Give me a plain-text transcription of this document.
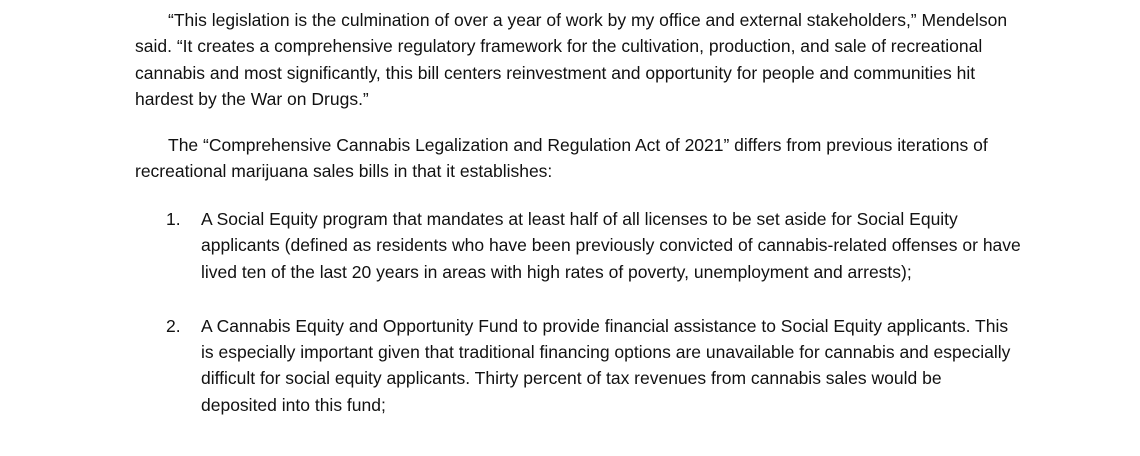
“This legislation is the culmination of over a year of work by my office and external stakeholders,” Mendelson said. “It creates a comprehensive regulatory framework for the cultivation, production, and sale of recreational cannabis and most significantly, this bill centers reinvestment and opportunity for people and communities hit hardest by the War on Drugs.”

The “Comprehensive Cannabis Legalization and Regulation Act of 2021” differs from previous iterations of recreational marijuana sales bills in that it establishes:

1. A Social Equity program that mandates at least half of all licenses to be set aside for Social Equity applicants (defined as residents who have been previously convicted of cannabis-related offenses or have lived ten of the last 20 years in areas with high rates of poverty, unemployment and arrests);
2. A Cannabis Equity and Opportunity Fund to provide financial assistance to Social Equity applicants. This is especially important given that traditional financing options are unavailable for cannabis and especially difficult for social equity applicants. Thirty percent of tax revenues from cannabis sales would be deposited into this fund;
